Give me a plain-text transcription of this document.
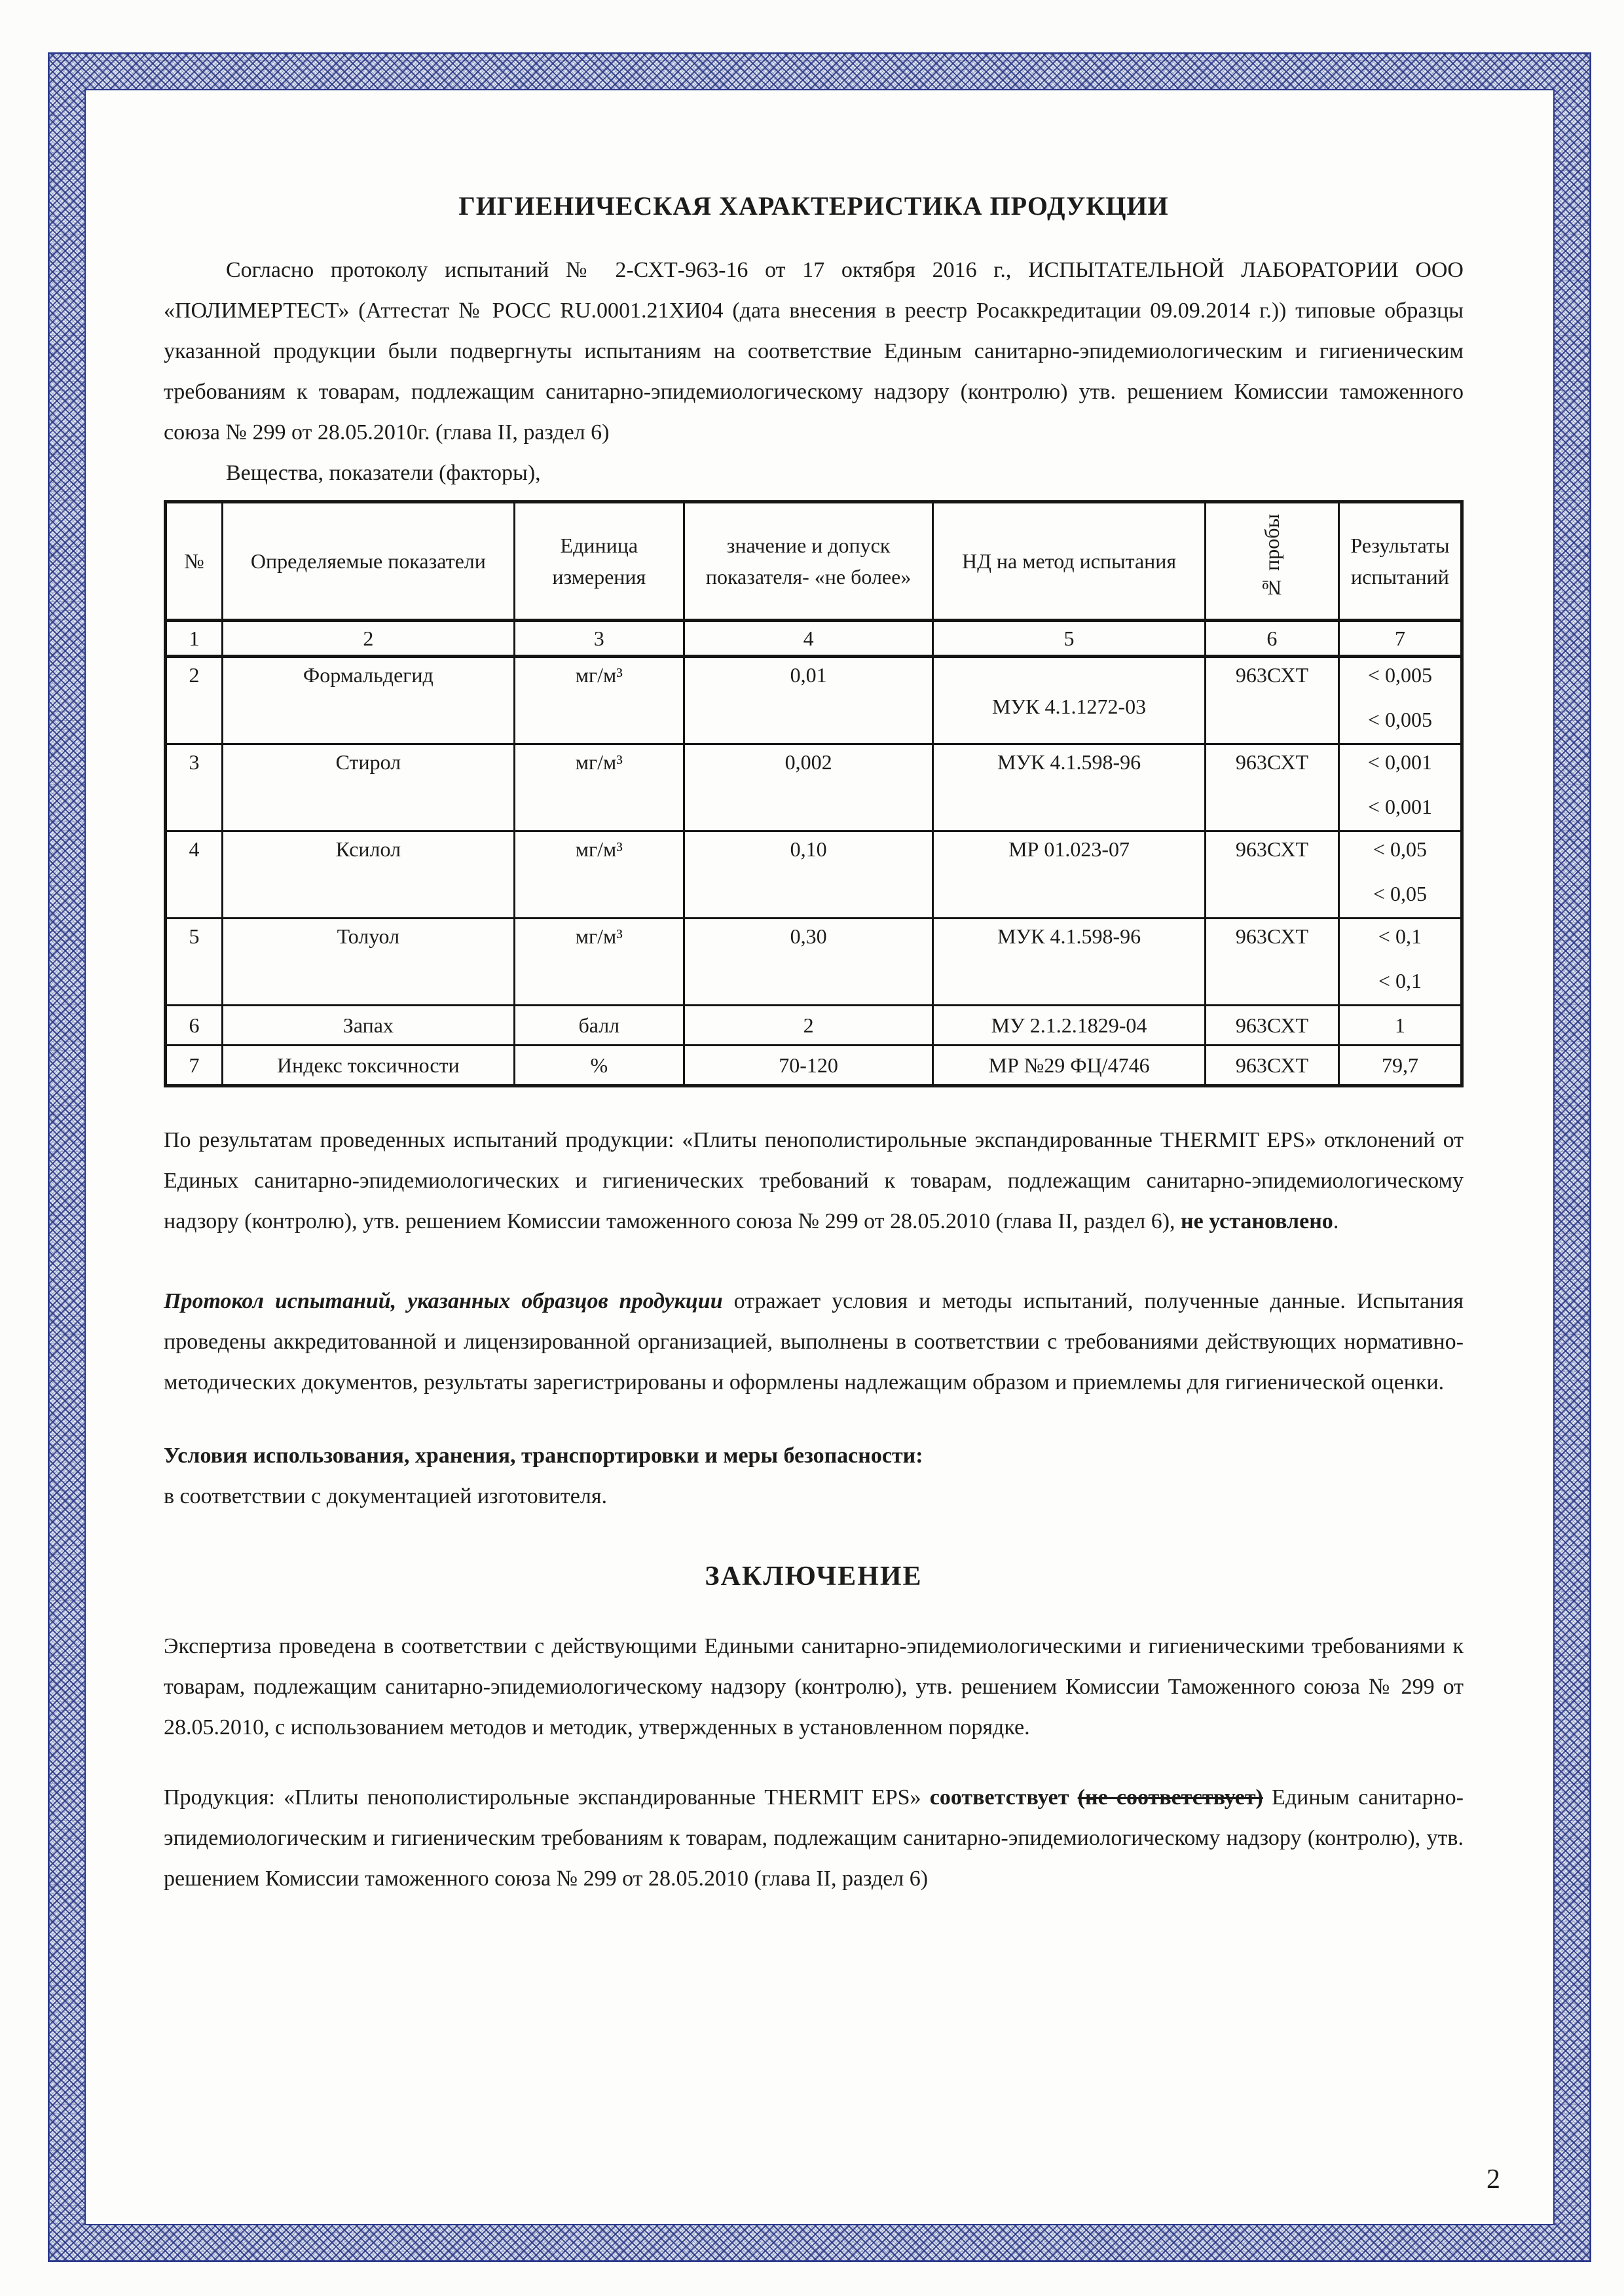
ГИГИЕНИЧЕСКАЯ ХАРАКТЕРИСТИКА ПРОДУКЦИИ

Согласно протоколу испытаний № 2-СХТ-963-16 от 17 октября 2016 г., ИСПЫТАТЕЛЬНОЙ ЛАБОРАТОРИИ ООО «ПОЛИМЕРТЕСТ» (Аттестат № РОСС RU.0001.21ХИ04 (дата внесения в реестр Росаккредитации 09.09.2014 г.)) типовые образцы указанной продукции были подвергнуты испытаниям на соответствие Единым санитарно-эпидемиологическим и гигиеническим требованиям к товарам, подлежащим санитарно-эпидемиологическому надзору (контролю) утв. решением Комиссии таможенного союза № 299 от 28.05.2010г. (глава II, раздел 6)

Вещества, показатели (факторы),

№	Определяемые показатели	Единица измерения	значение и допуск показателя- «не более»	НД на метод испытания	№ пробы	Результаты испытаний
1	2	3	4	5	6	7
2	Формальдегид	мг/м³	0,01	МУК 4.1.1272-03	963СХТ	< 0,005
< 0,005

3	Стирол	мг/м³	0,002	МУК 4.1.598-96	963СХТ	< 0,001
< 0,001

4	Ксилол	мг/м³	0,10	МР 01.023-07	963СХТ	< 0,05
< 0,05

5	Толуол	мг/м³	0,30	МУК 4.1.598-96	963СХТ	< 0,1
< 0,1

6	Запах	балл	2	МУ 2.1.2.1829-04	963СХТ	1
7	Индекс токсичности	%	70-120	МР №29 ФЦ/4746	963СХТ	79,7

По результатам проведенных испытаний продукции: «Плиты пенополистирольные экспандированные THERMIT EPS» отклонений от Единых санитарно-эпидемиологических и гигиенических требований к товарам, подлежащим санитарно-эпидемиологическому надзору (контролю), утв. решением Комиссии таможенного союза № 299 от 28.05.2010 (глава II, раздел 6), не установлено.

Протокол испытаний, указанных образцов продукции отражает условия и методы испытаний, полученные данные. Испытания проведены аккредитованной и лицензированной организацией, выполнены в соответствии с требованиями действующих нормативно-методических документов, результаты зарегистрированы и оформлены надлежащим образом и приемлемы для гигиенической оценки.

Условия использования, хранения, транспортировки и меры безопасности:

в соответствии с документацией изготовителя.

ЗАКЛЮЧЕНИЕ

Экспертиза проведена в соответствии с действующими Едиными санитарно-эпидемиологическими и гигиеническими требованиями к товарам, подлежащим санитарно-эпидемиологическому надзору (контролю), утв. решением Комиссии Таможенного союза № 299 от 28.05.2010, с использованием методов и методик, утвержденных в установленном порядке.

Продукция: «Плиты пенополистирольные экспандированные THERMIT EPS» соответствует (не соответствует) Единым санитарно-эпидемиологическим и гигиеническим требованиям к товарам, подлежащим санитарно-эпидемиологическому надзору (контролю), утв. решением Комиссии таможенного союза № 299 от 28.05.2010 (глава II, раздел 6)

2
